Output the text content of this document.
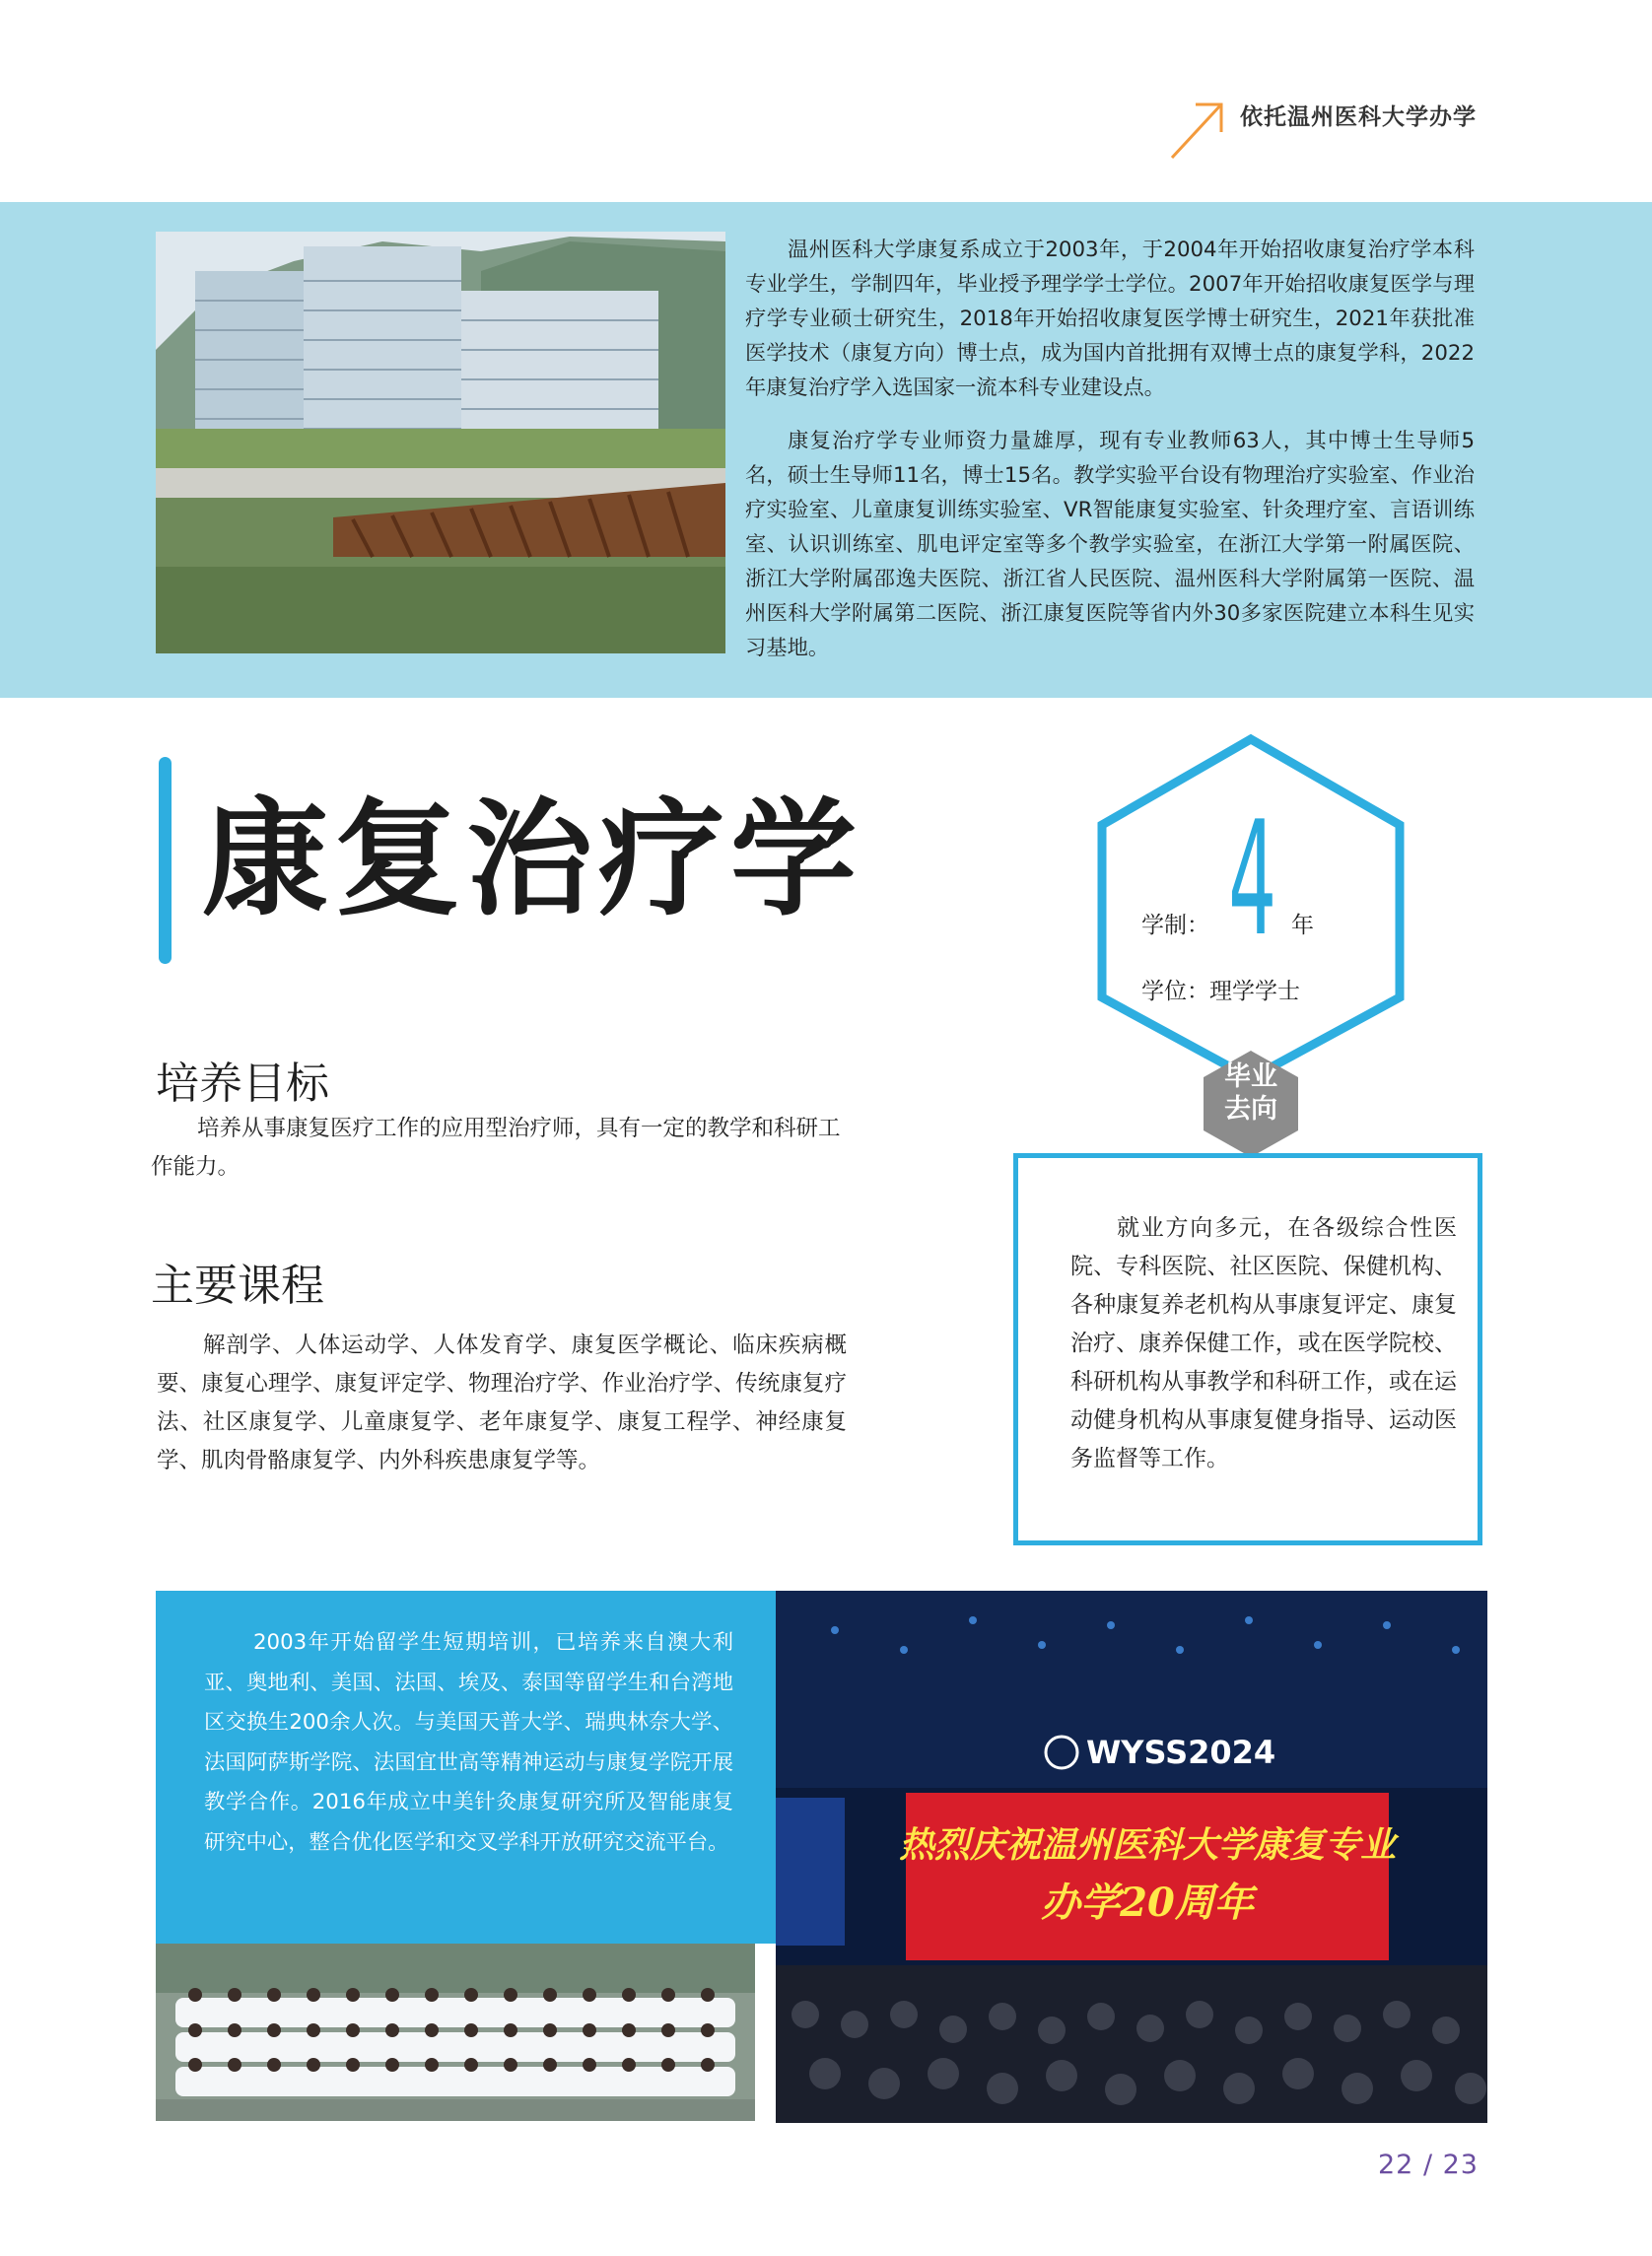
依托温州医科大学办学

温州医科大学康复系成立于2003年，于2004年开始招收康复治疗学本科专业学生，学制四年，毕业授予理学学士学位。2007年开始招收康复医学与理疗学专业硕士研究生，2018年开始招收康复医学博士研究生，2021年获批准医学技术（康复方向）博士点，成为国内首批拥有双博士点的康复学科，2022年康复治疗学入选国家一流本科专业建设点。

康复治疗学专业师资力量雄厚，现有专业教师63人，其中博士生导师5名，硕士生导师11名，博士15名。教学实验平台设有物理治疗实验室、作业治疗实验室、儿童康复训练实验室、VR智能康复实验室、针灸理疗室、言语训练室、认识训练室、肌电评定室等多个教学实验室，在浙江大学第一附属医院、浙江大学附属邵逸夫医院、浙江省人民医院、温州医科大学附属第一医院、温州医科大学附属第二医院、浙江康复医院等省内外30多家医院建立本科生见实习基地。

康复治疗学	学制： 4 年
学位：理学学士
毕业
去向

就业方向多元，在各级综合性医院、专科医院、社区医院、保健机构、各种康复养老机构从事康复评定、康复治疗、康养保健工作，或在医学院校、科研机构从事教学和科研工作，或在运动健身机构从事康复健身指导、运动医务监督等工作。

培养目标

培养从事康复医疗工作的应用型治疗师，具有一定的教学和科研工作能力。

主要课程

解剖学、人体运动学、人体发育学、康复医学概论、临床疾病概要、康复心理学、康复评定学、物理治疗学、作业治疗学、传统康复疗法、社区康复学、儿童康复学、老年康复学、康复工程学、神经康复学、肌肉骨骼康复学、内外科疾患康复学等。

2003年开始留学生短期培训，已培养来自澳大利亚、奥地利、美国、法国、埃及、泰国等留学生和台湾地区交换生200余人次。与美国天普大学、瑞典林奈大学、法国阿萨斯学院、法国宜世高等精神运动与康复学院开展教学合作。2016年成立中美针灸康复研究所及智能康复研究中心，整合优化医学和交叉学科开放研究交流平台。

WYSS2024
热烈庆祝温州医科大学康复专业
办学20周年
22 / 23
